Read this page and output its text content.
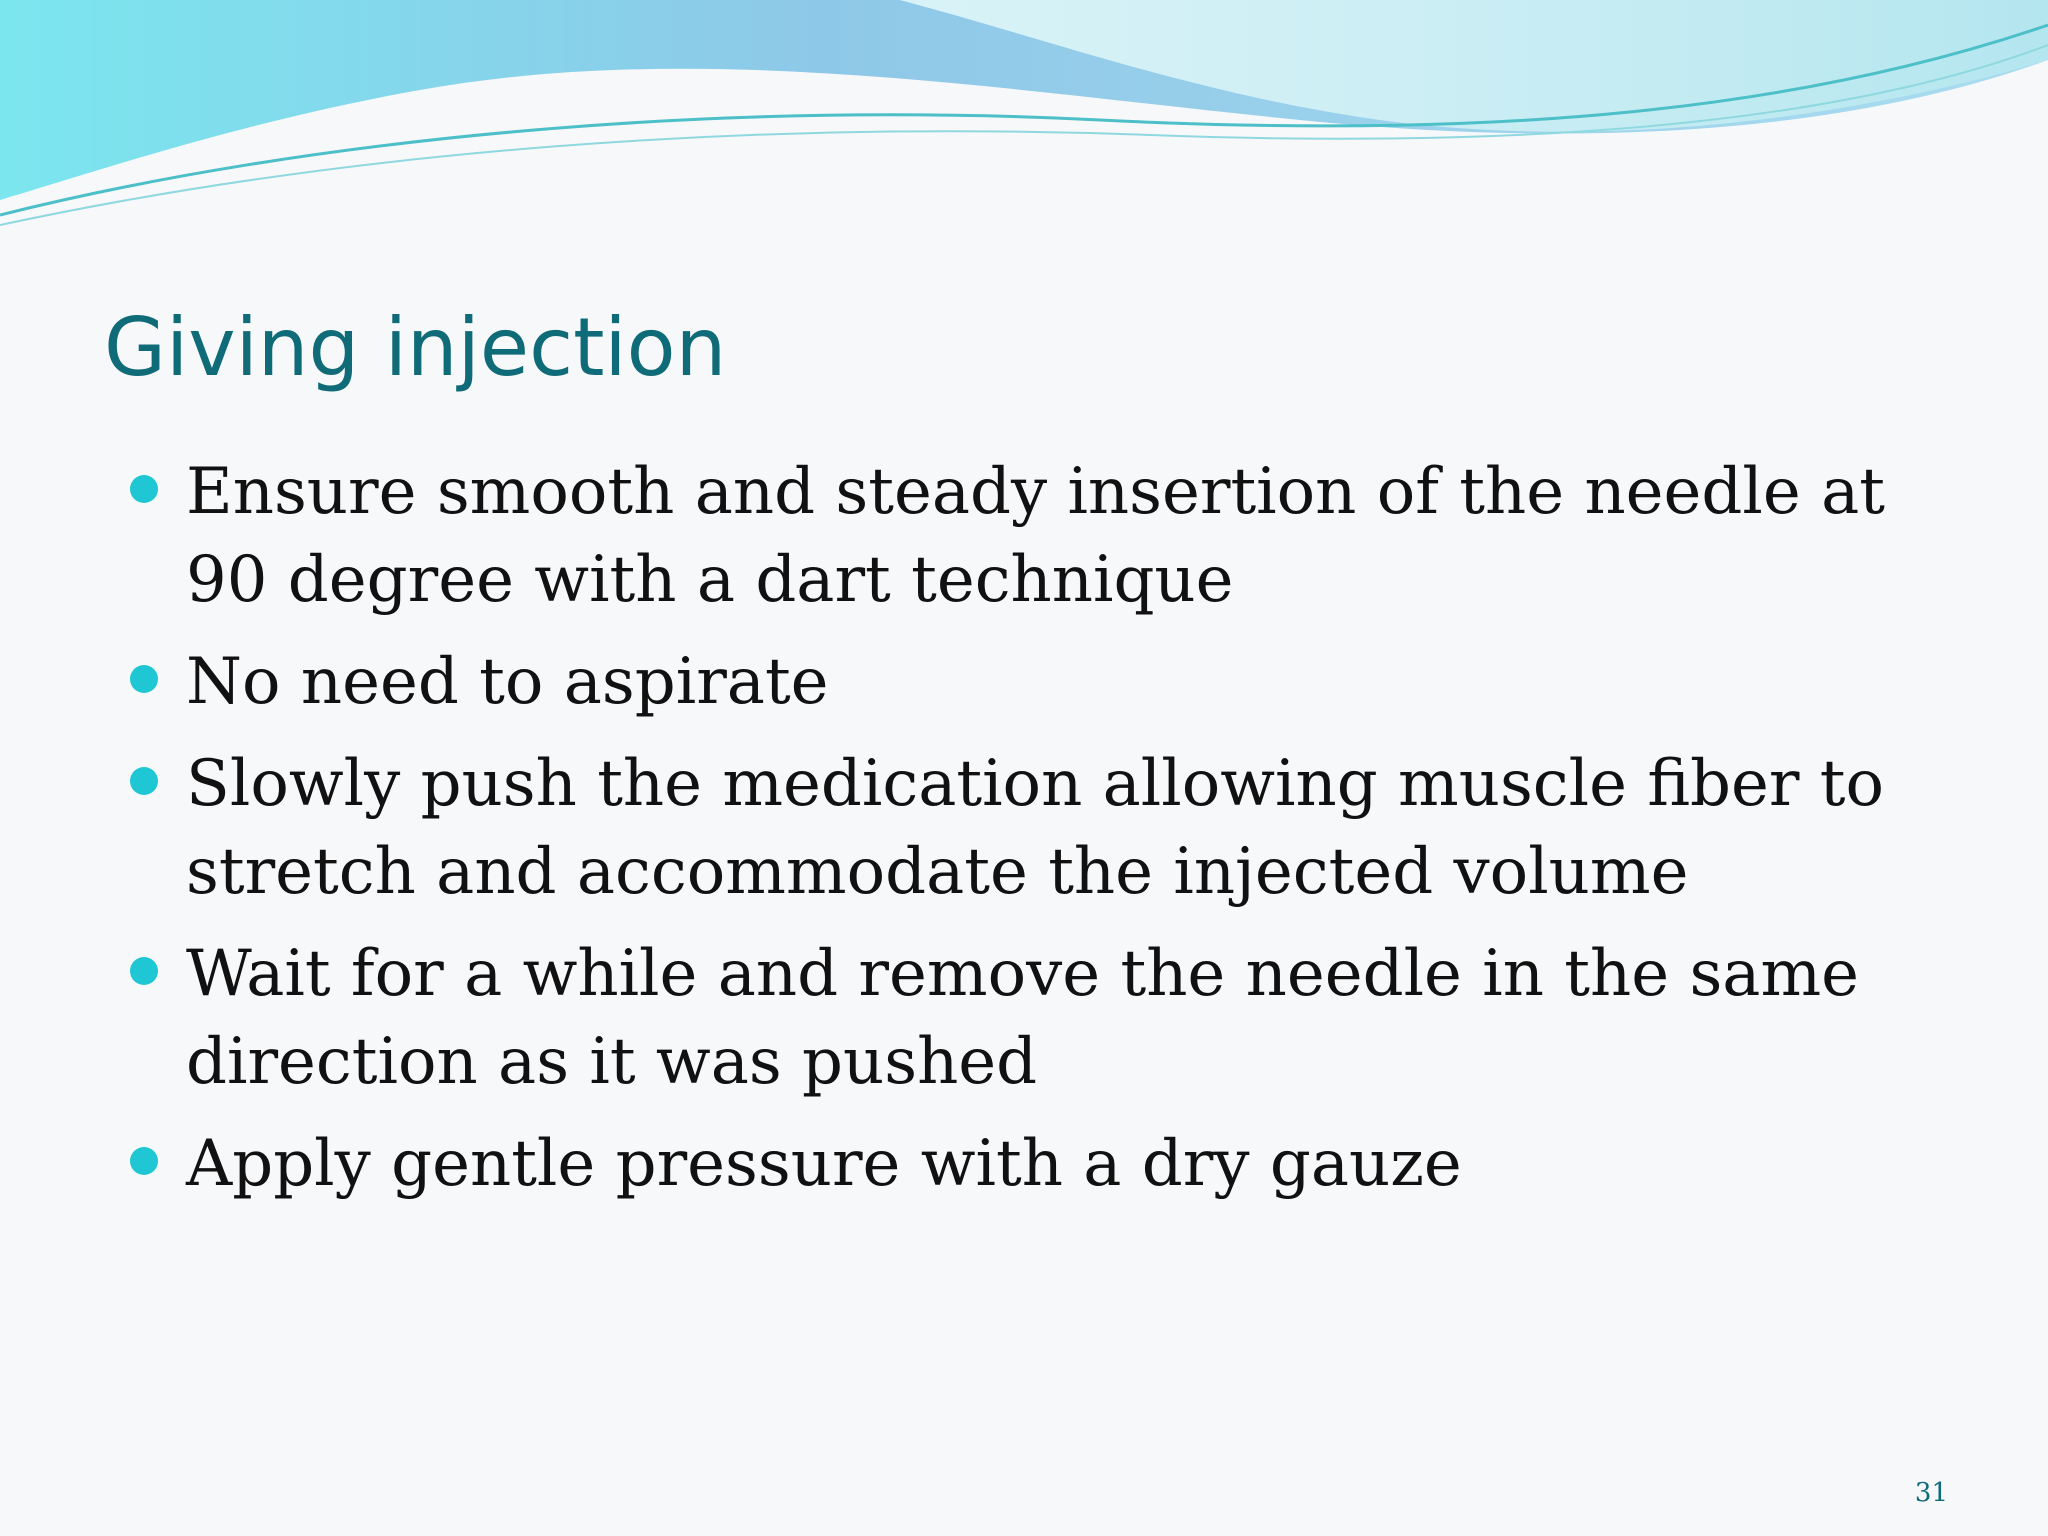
Giving injection
Ensure smooth and steady insertion of the needle at 90 degree with a dart technique
No need to aspirate
Slowly push the medication allowing muscle fiber to stretch and accommodate the injected volume
Wait for a while and remove the needle in the same direction as it was pushed
Apply gentle pressure with a dry gauze
31
